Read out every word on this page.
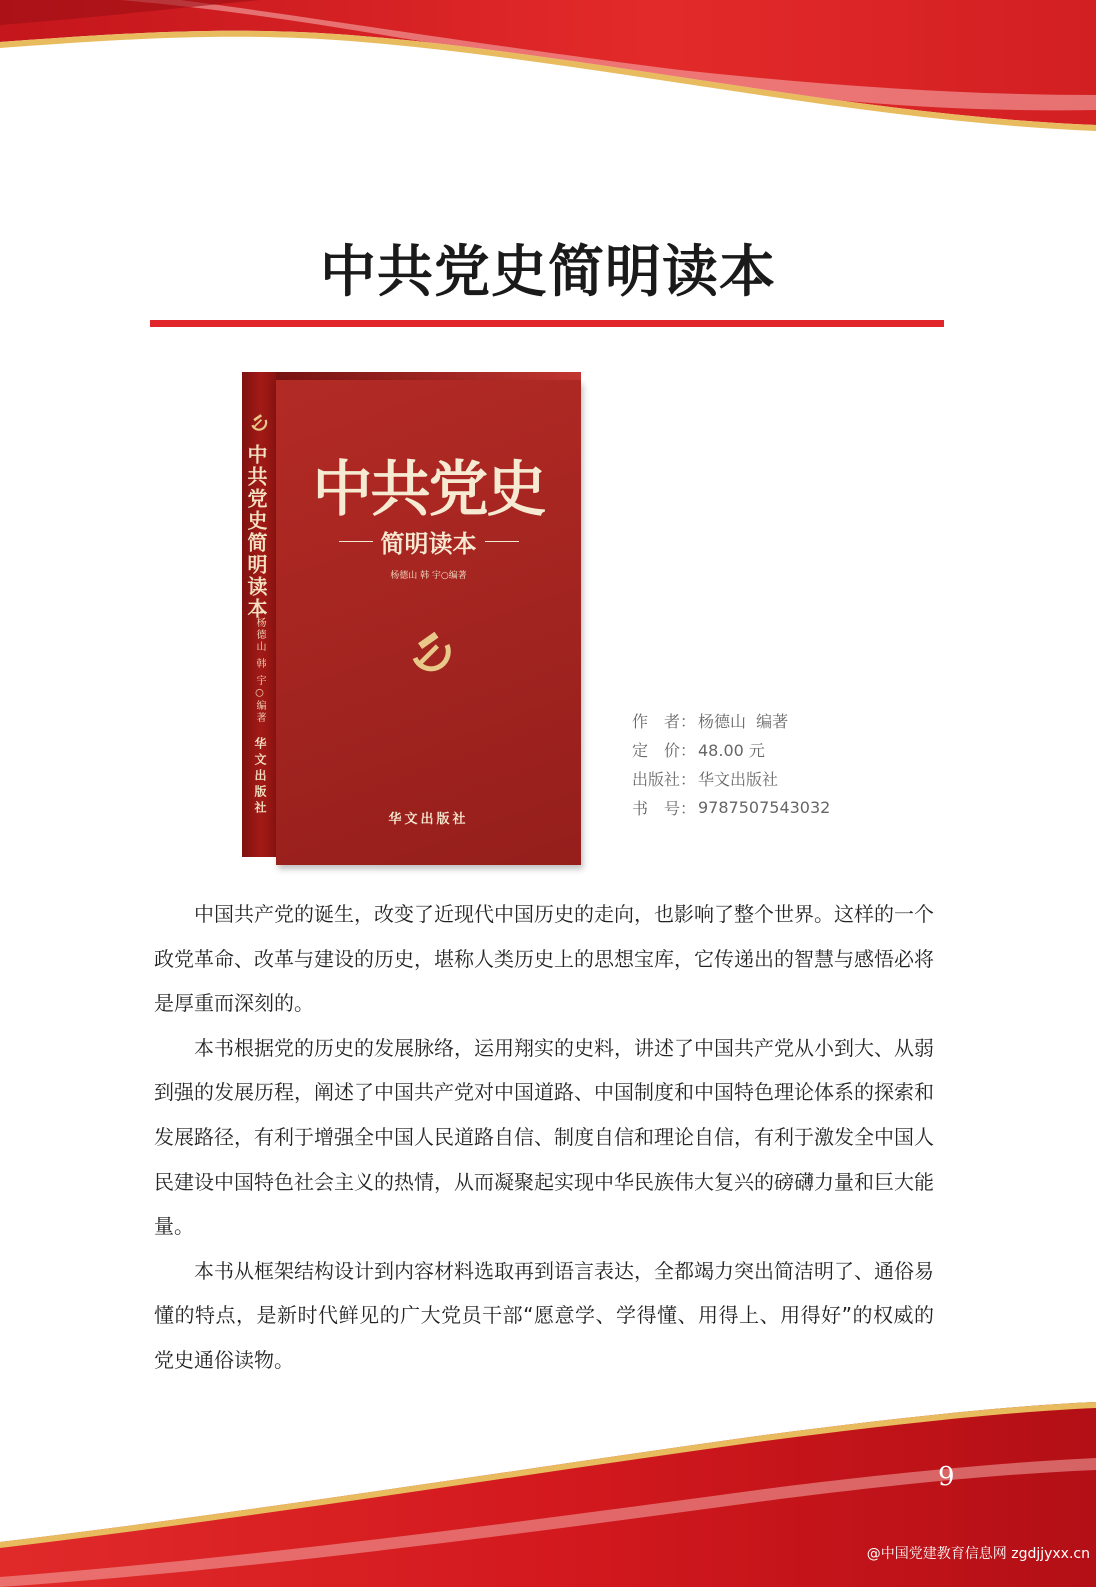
中共党史简明读本
中共党史简明读本
杨德山 韩 宇○编著
华文出版社
中共党史
简明读本
杨德山 韩 宇○编著
华文出版社
作　者： 杨德山  编著
定　价： 48.00 元
出版社： 华文出版社
书　号： 9787507543032

中国共产党的诞生，改变了近现代中国历史的走向，也影响了整个世界。这样的一个政党革命、改革与建设的历史，堪称人类历史上的思想宝库，它传递出的智慧与感悟必将是厚重而深刻的。

本书根据党的历史的发展脉络，运用翔实的史料，讲述了中国共产党从小到大、从弱到强的发展历程，阐述了中国共产党对中国道路、中国制度和中国特色理论体系的探索和发展路径，有利于增强全中国人民道路自信、制度自信和理论自信，有利于激发全中国人民建设中国特色社会主义的热情，从而凝聚起实现中华民族伟大复兴的磅礴力量和巨大能量。

本书从框架结构设计到内容材料选取再到语言表达，全都竭力突出简洁明了、通俗易懂的特点，是新时代鲜见的广大党员干部“愿意学、学得懂、用得上、用得好”的权威的党史通俗读物。

9
@中国党建教育信息网 zgdjjyxx.cn
